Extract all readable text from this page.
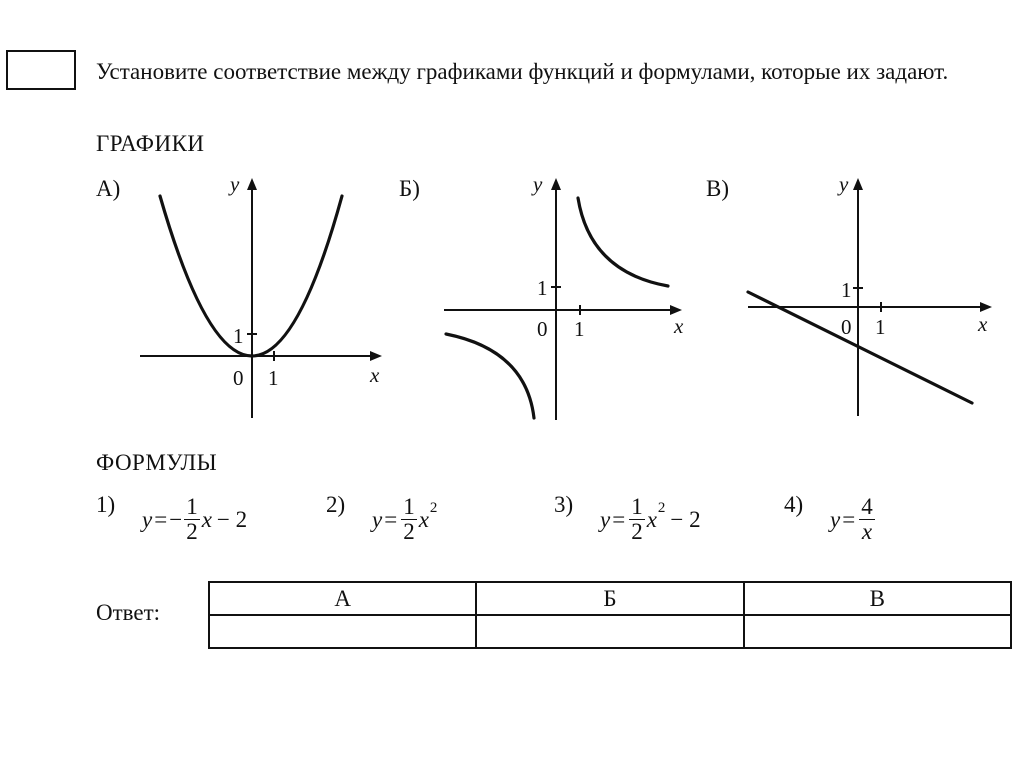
Установите соответствие между графиками функций и формулами, которые их задают.
ГРАФИКИ
А)	Б)	В)
y
x
0 1
1
y
x
0 1
1
y
x
0 1
1
ФОРМУЛЫ
1)
y = − $\frac{1}{2}$ x − 2
2)
$y = \frac{1}{2}$ x 2	3)
$y = \frac{1}{2}$ x 2 − 2
4)
$y = \frac{4}{x}$
Ответ:
А	Б	В
